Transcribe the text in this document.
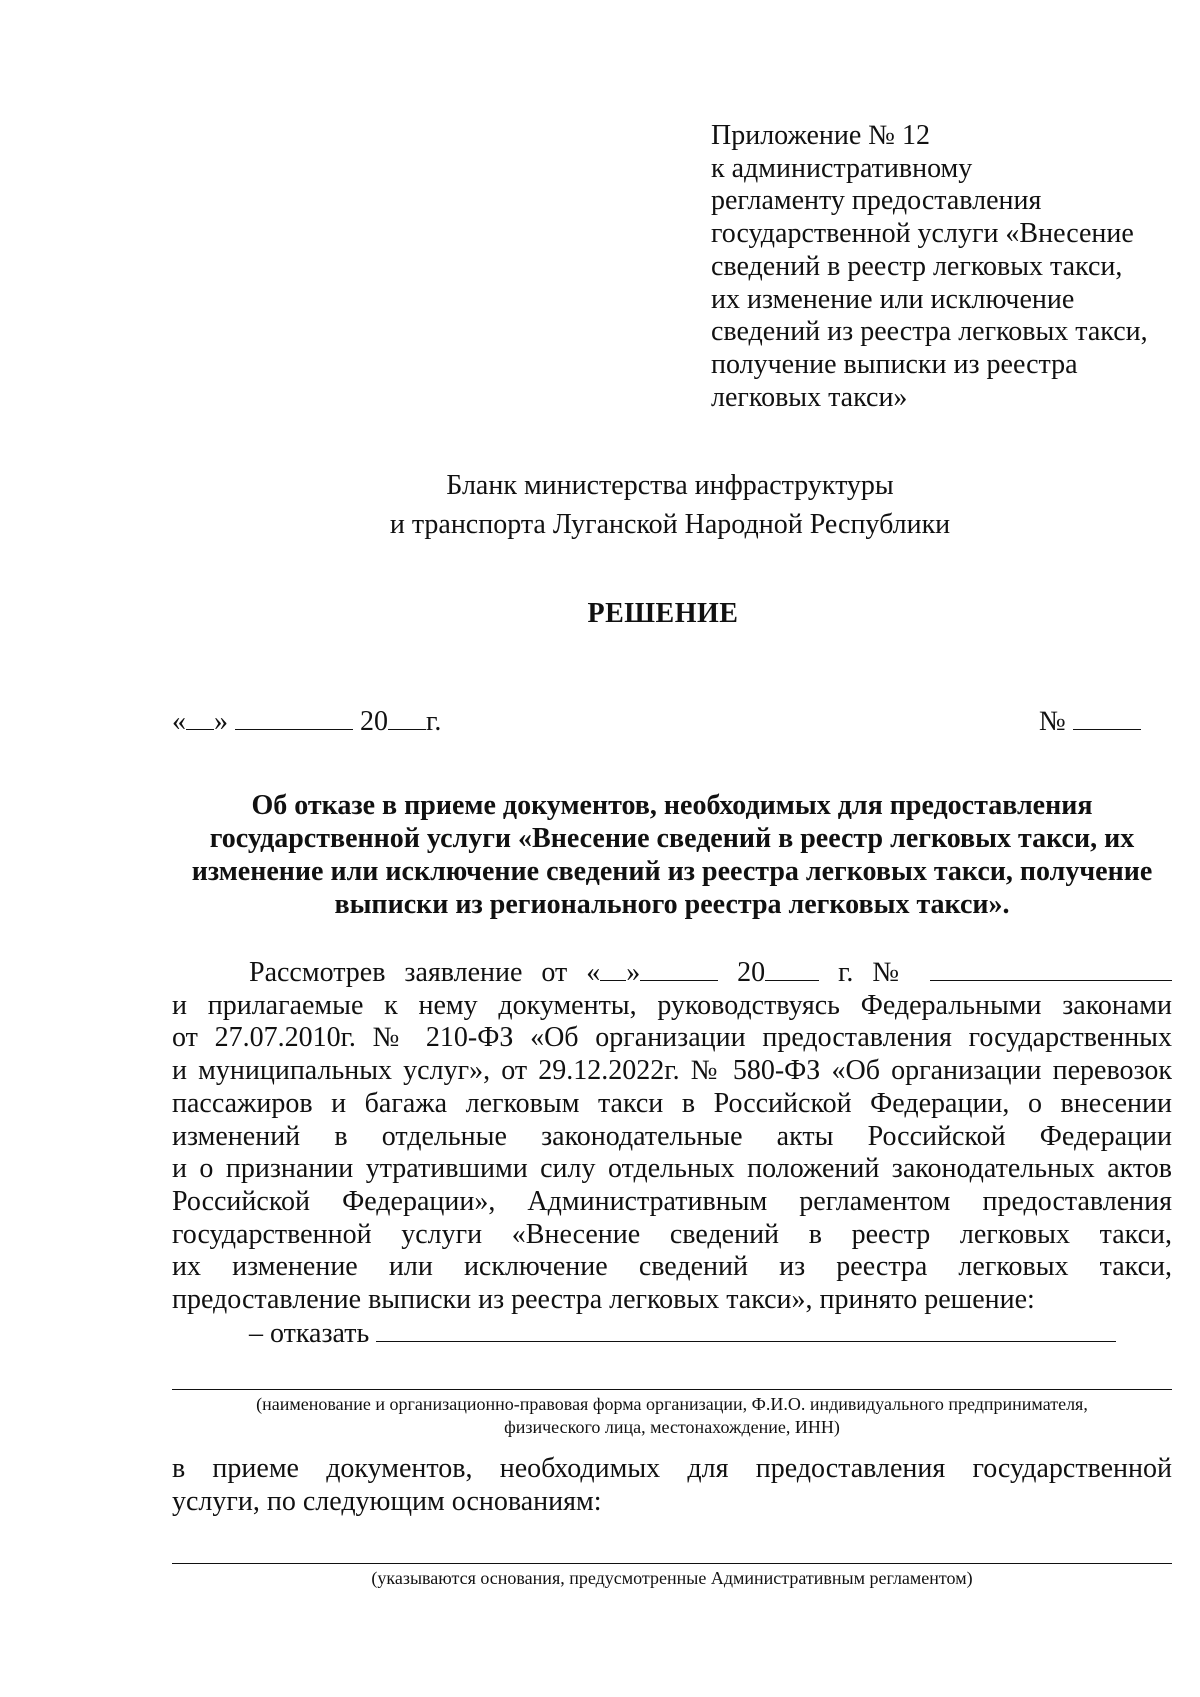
Приложение № 12
к административному
регламенту предоставления
государственной услуги «Внесение
сведений в реестр легковых такси,
их изменение или исключение
сведений из реестра легковых такси,
получение выписки из реестра
легковых такси»
Бланк министерства инфраструктуры
и транспорта Луганской Народной Республики
РЕШЕНИЕ
« »	20 г.	№
Об отказе в приеме документов, необходимых для предоставления
государственной услуги «Внесение сведений в реестр легковых такси, их
изменение или исключение сведений из реестра легковых такси, получение
выписки из регионального реестра легковых такси».
Рассмотрев заявление от « »	20	г. №
и прилагаемые к нему документы, руководствуясь Федеральными законами
от 27.07.2010г. № 210-ФЗ «Об организации предоставления государственных
и муниципальных услуг», от 29.12.2022г. № 580-ФЗ «Об организации перевозок
пассажиров и багажа легковым такси в Российской Федерации, о внесении
изменений в отдельные законодательные акты Российской Федерации
и о признании утратившими силу отдельных положений законодательных актов
Российской Федерации», Административным регламентом предоставления
государственной услуги «Внесение сведений в реестр легковых такси,
их изменение или исключение сведений из реестра легковых такси,
предоставление выписки из реестра легковых такси», принято решение:
– отказать
(наименование и организационно-правовая форма организации, Ф.И.О. индивидуального предпринимателя,
физического лица, местонахождение, ИНН)
в приеме документов, необходимых для предоставления государственной
услуги, по следующим основаниям:
(указываются основания, предусмотренные Административным регламентом)
